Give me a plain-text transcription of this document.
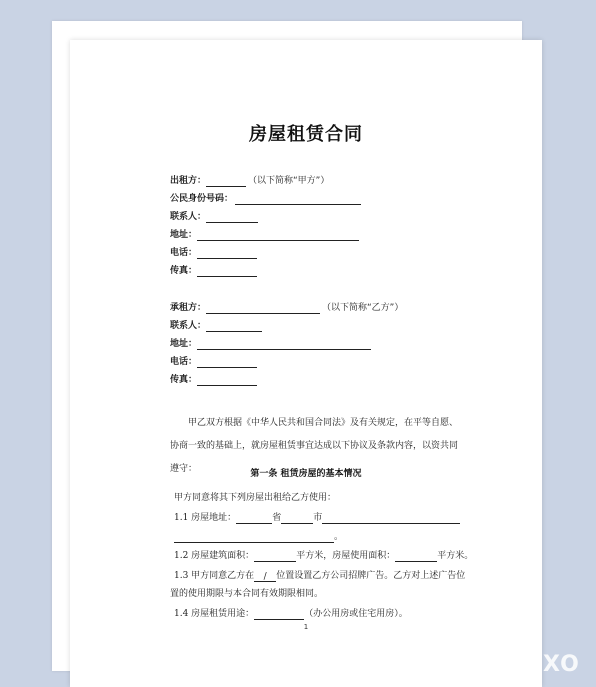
房屋租赁合同
出租方：	（以下简称“甲方”）
公民身份号码：
联系人：
地址：
电话：
传真：
承租方：	（以下简称“乙方”）
联系人：
地址：
电话：
传真：
甲乙双方根据《中华人民共和国合同法》及有关规定，在平等自愿、协商一致的基础上，就房屋租赁事宜达成以下协议及条款内容，以资共同遵守：	第一条 租赁房屋的基本情况
甲方同意将其下列房屋出租给乙方使用：
1.1 房屋地址：	省	市
。
1.2 房屋建筑面积：	平方米，房屋使用面积：	平方米。
1.3 甲方同意乙方在 / 位置设置乙方公司招牌广告。乙方对上述广告位
置的使用期限与本合同有效期限相同。
1.4 房屋租赁用途：	（办公用房或住宅用房）。
1
XO
